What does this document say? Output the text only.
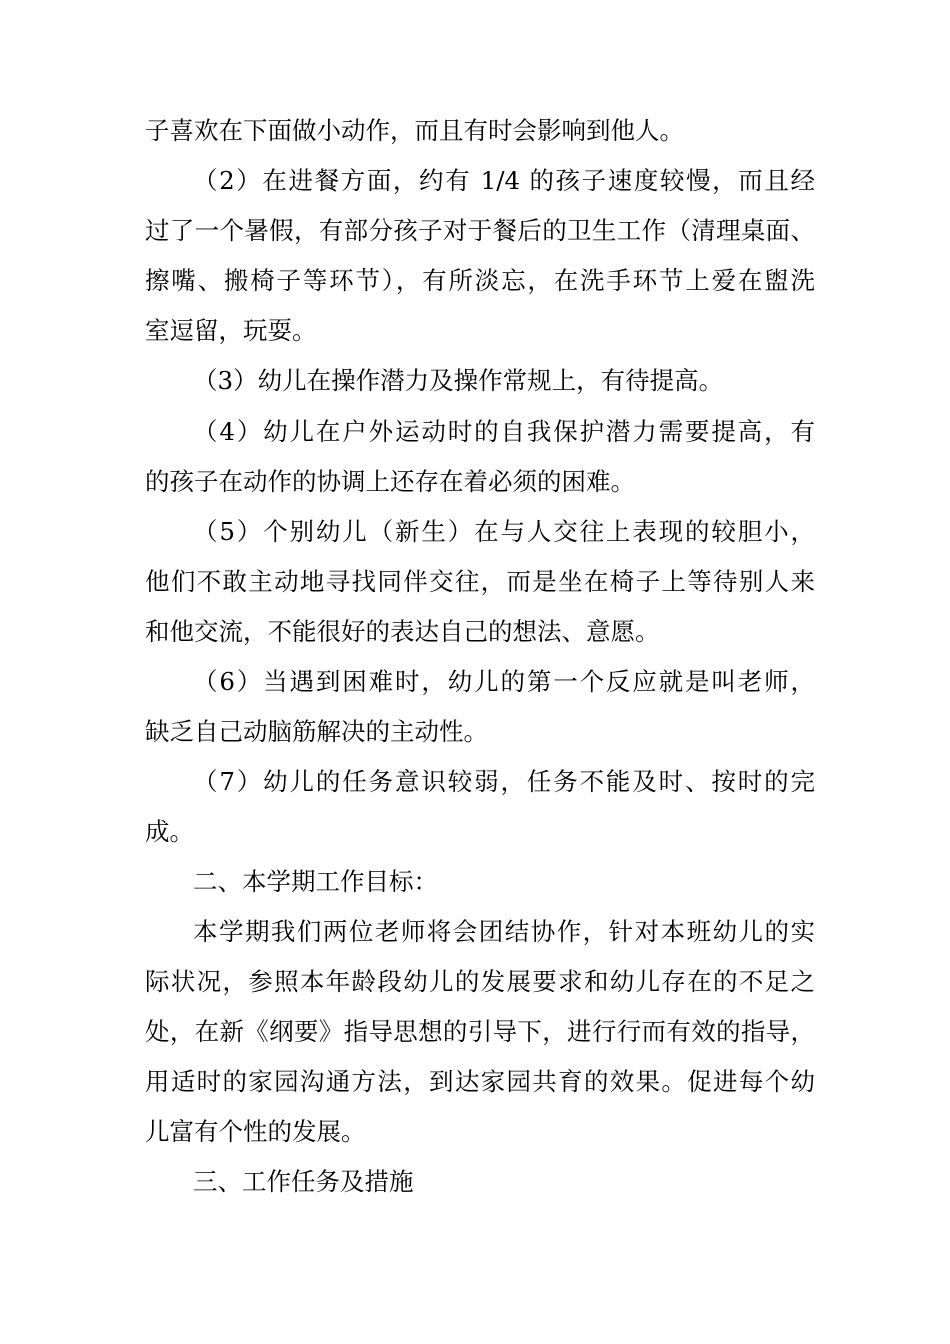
子喜欢在下面做小动作，而且有时会影响到他人。
（2）在进餐方面，约有 1/4 的孩子速度较慢，而且经
过了一个暑假，有部分孩子对于餐后的卫生工作（清理桌面、
擦嘴、搬椅子等环节），有所淡忘，在洗手环节上爱在盥洗
室逗留，玩耍。
（3）幼儿在操作潜力及操作常规上，有待提高。
（4）幼儿在户外运动时的自我保护潜力需要提高，有
的孩子在动作的协调上还存在着必须的困难。
（5）个别幼儿（新生）在与人交往上表现的较胆小，
他们不敢主动地寻找同伴交往，而是坐在椅子上等待别人来
和他交流，不能很好的表达自己的想法、意愿。
（6）当遇到困难时，幼儿的第一个反应就是叫老师，
缺乏自己动脑筋解决的主动性。
（7）幼儿的任务意识较弱，任务不能及时、按时的完
成。
二、本学期工作目标：
本学期我们两位老师将会团结协作，针对本班幼儿的实
际状况，参照本年龄段幼儿的发展要求和幼儿存在的不足之
处，在新《纲要》指导思想的引导下，进行行而有效的指导，
用适时的家园沟通方法，到达家园共育的效果。促进每个幼
儿富有个性的发展。
三、工作任务及措施
